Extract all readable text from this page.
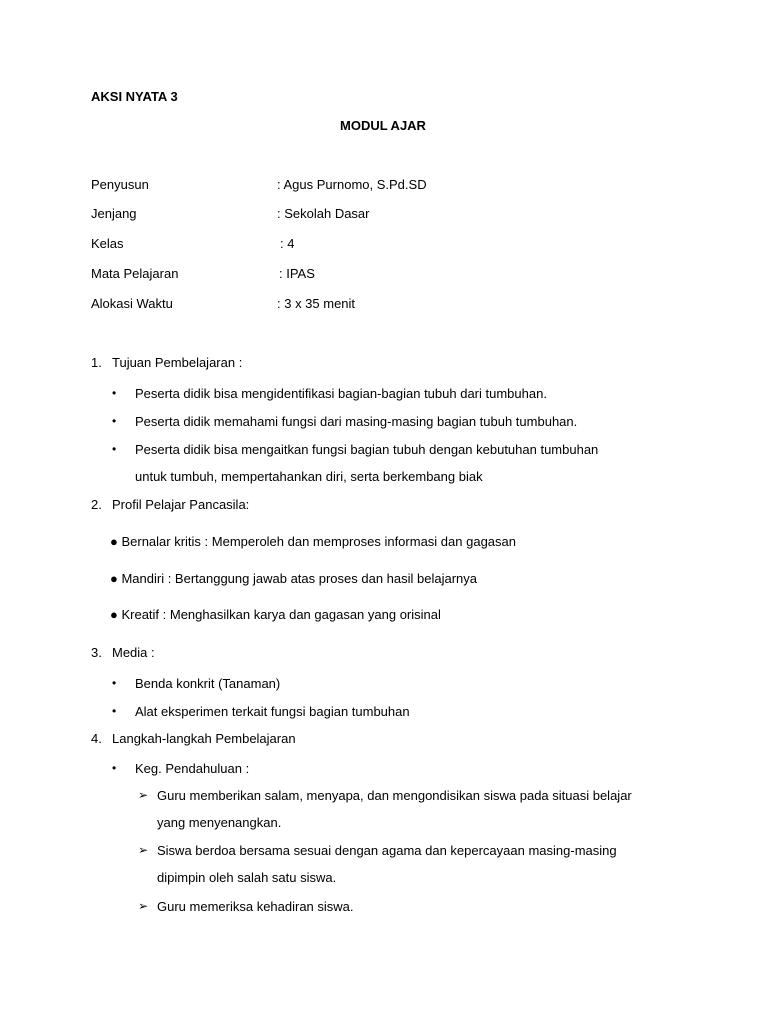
AKSI NYATA 3
MODUL AJAR
Penyusun	: Agus Purnomo, S.Pd.SD
Jenjang	: Sekolah Dasar
Kelas	: 4
Mata Pelajaran	: IPAS
Alokasi Waktu	: 3 x 35 menit
1. Tujuan Pembelajaran :
• Peserta didik bisa mengidentifikasi bagian-bagian tubuh dari tumbuhan.
• Peserta didik memahami fungsi dari masing-masing bagian tubuh tumbuhan.
• Peserta didik bisa mengaitkan fungsi bagian tubuh dengan kebutuhan tumbuhan
untuk tumbuh, mempertahankan diri, serta berkembang biak
2. Profil Pelajar Pancasila:
● Bernalar kritis : Memperoleh dan memproses informasi dan gagasan
● Mandiri : Bertanggung jawab atas proses dan hasil belajarnya
● Kreatif : Menghasilkan karya dan gagasan yang orisinal
3. Media :
• Benda konkrit (Tanaman)
• Alat eksperimen terkait fungsi bagian tumbuhan
4. Langkah-langkah Pembelajaran
• Keg. Pendahuluan :
➢ Guru memberikan salam, menyapa, dan mengondisikan siswa pada situasi belajar
yang menyenangkan.
➢ Siswa berdoa bersama sesuai dengan agama dan kepercayaan masing-masing
dipimpin oleh salah satu siswa.
➢ Guru memeriksa kehadiran siswa.
